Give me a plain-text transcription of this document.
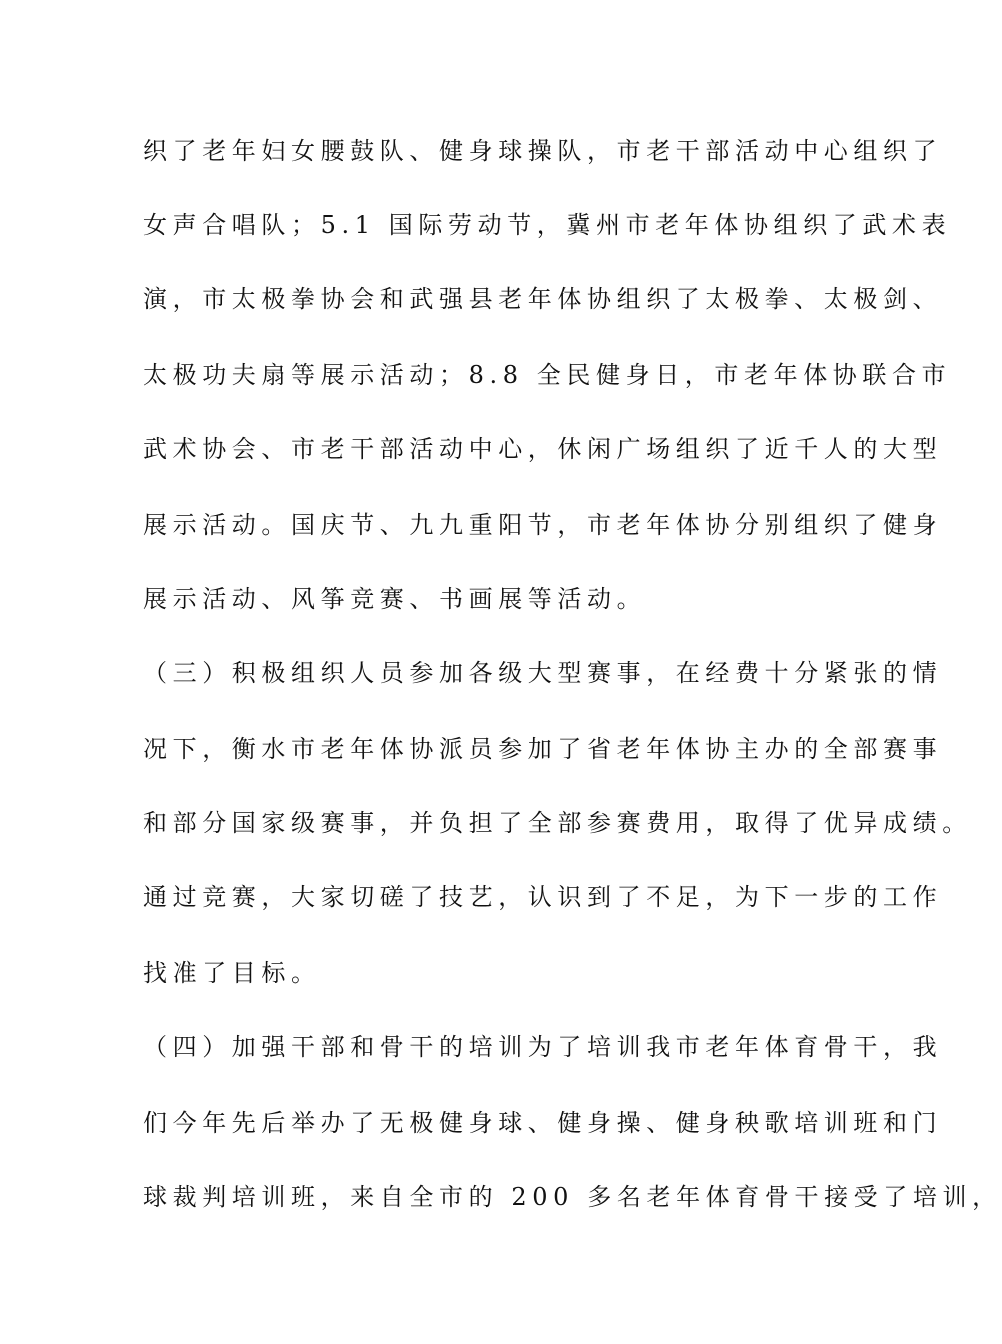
织了老年妇女腰鼓队、健身球操队，市老干部活动中心组织了
女声合唱队；5.1 国际劳动节，冀州市老年体协组织了武术表
演，市太极拳协会和武强县老年体协组织了太极拳、太极剑、
太极功夫扇等展示活动；8.8 全民健身日，市老年体协联合市
武术协会、市老干部活动中心，休闲广场组织了近千人的大型
展示活动。国庆节、九九重阳节，市老年体协分别组织了健身
展示活动、风筝竞赛、书画展等活动。
（三）积极组织人员参加各级大型赛事，在经费十分紧张的情
况下，衡水市老年体协派员参加了省老年体协主办的全部赛事
和部分国家级赛事，并负担了全部参赛费用，取得了优异成绩。
通过竞赛，大家切磋了技艺，认识到了不足，为下一步的工作
找准了目标。
（四）加强干部和骨干的培训为了培训我市老年体育骨干，我
们今年先后举办了无极健身球、健身操、健身秧歌培训班和门
球裁判培训班，来自全市的 200 多名老年体育骨干接受了培训，
